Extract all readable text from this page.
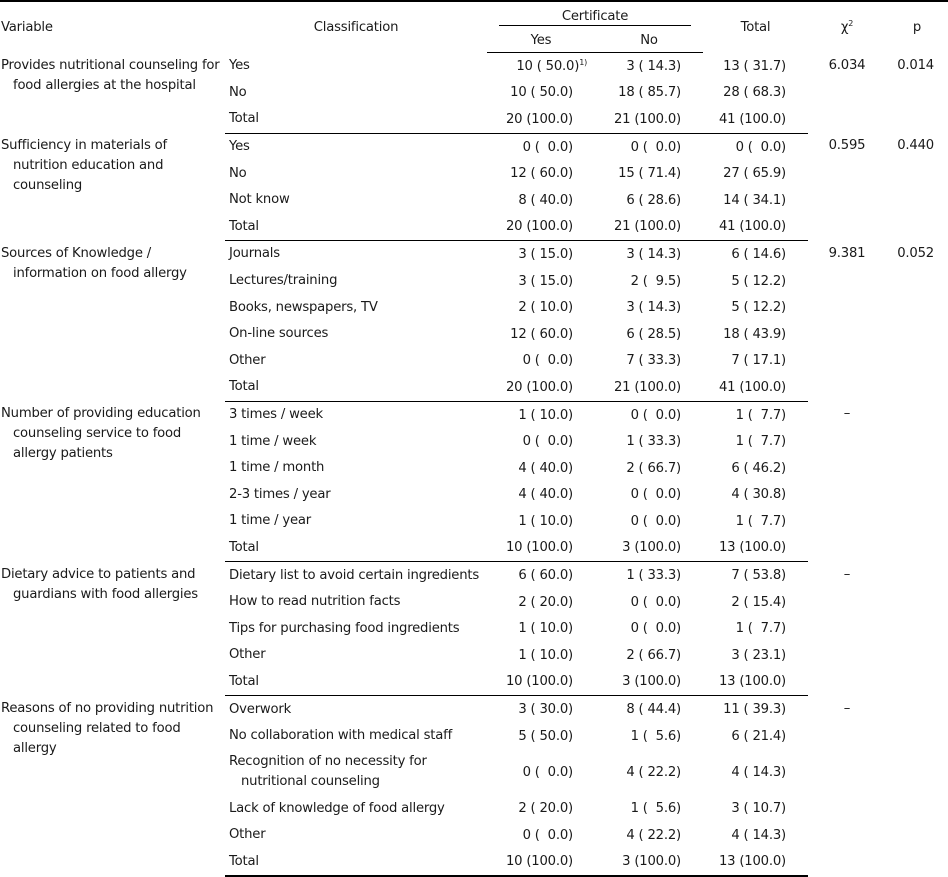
Variable	Classification	Certificate		Total	$\chi^2$	p
		Yes	No			

Provides nutritional counseling for food allergies at the hospital	Yes	10 ( 50.0)$^{1)}$	3 ( 14.3)	13 ( 31.7)	6.034	0.014

	No	10 ( 50.0)	18 ( 85.7)	28 ( 68.3)		

	Total	20 (100.0)	21 (100.0)	41 (100.0)		

Sufficiency in materials of nutrition education and counseling	Yes	0 (  0.0)	0 (  0.0)	0 (  0.0)	0.595	0.440

	No	12 ( 60.0)	15 ( 71.4)	27 ( 65.9)		

	Not know	8 ( 40.0)	6 ( 28.6)	14 ( 34.1)		

	Total	20 (100.0)	21 (100.0)	41 (100.0)		

Sources of Knowledge / information on food allergy	Journals	3 ( 15.0)	3 ( 14.3)	6 ( 14.6)	9.381	0.052

	Lectures/training	3 ( 15.0)	2 (  9.5)	5 ( 12.2)		

	Books, newspapers, TV	2 ( 10.0)	3 ( 14.3)	5 ( 12.2)		

	On-line sources	12 ( 60.0)	6 ( 28.5)	18 ( 43.9)		

	Other	0 (  0.0)	7 ( 33.3)	7 ( 17.1)		

	Total	20 (100.0)	21 (100.0)	41 (100.0)		

Number of providing education counseling service to food allergy patients	3 times / week	1 ( 10.0)	0 (  0.0)	1 (  7.7)	–	

	1 time / week	0 (  0.0)	1 ( 33.3)	1 (  7.7)		

	1 time / month	4 ( 40.0)	2 ( 66.7)	6 ( 46.2)		

	2-3 times / year	4 ( 40.0)	0 (  0.0)	4 ( 30.8)		

	1 time / year	1 ( 10.0)	0 (  0.0)	1 (  7.7)		

	Total	10 (100.0)	3 (100.0)	13 (100.0)		

Dietary advice to patients and guardians with food allergies	Dietary list to avoid certain ingredients	6 ( 60.0)	1 ( 33.3)	7 ( 53.8)	–	

	How to read nutrition facts	2 ( 20.0)	0 (  0.0)	2 ( 15.4)		

	Tips for purchasing food ingredients	1 ( 10.0)	0 (  0.0)	1 (  7.7)		

	Other	1 ( 10.0)	2 ( 66.7)	3 ( 23.1)		

	Total	10 (100.0)	3 (100.0)	13 (100.0)		

Reasons of no providing nutrition counseling related to food allergy	Overwork	3 ( 30.0)	8 ( 44.4)	11 ( 39.3)	–	

	No collaboration with medical staff	5 ( 50.0)	1 (  5.6)	6 ( 21.4)		

	Recognition of no necessity for nutritional counseling	0 (  0.0)	4 ( 22.2)	4 ( 14.3)		

	Lack of knowledge of food allergy	2 ( 20.0)	1 (  5.6)	3 ( 10.7)		

	Other	0 (  0.0)	4 ( 22.2)	4 ( 14.3)		

	Total	10 (100.0)	3 (100.0)	13 (100.0)		
